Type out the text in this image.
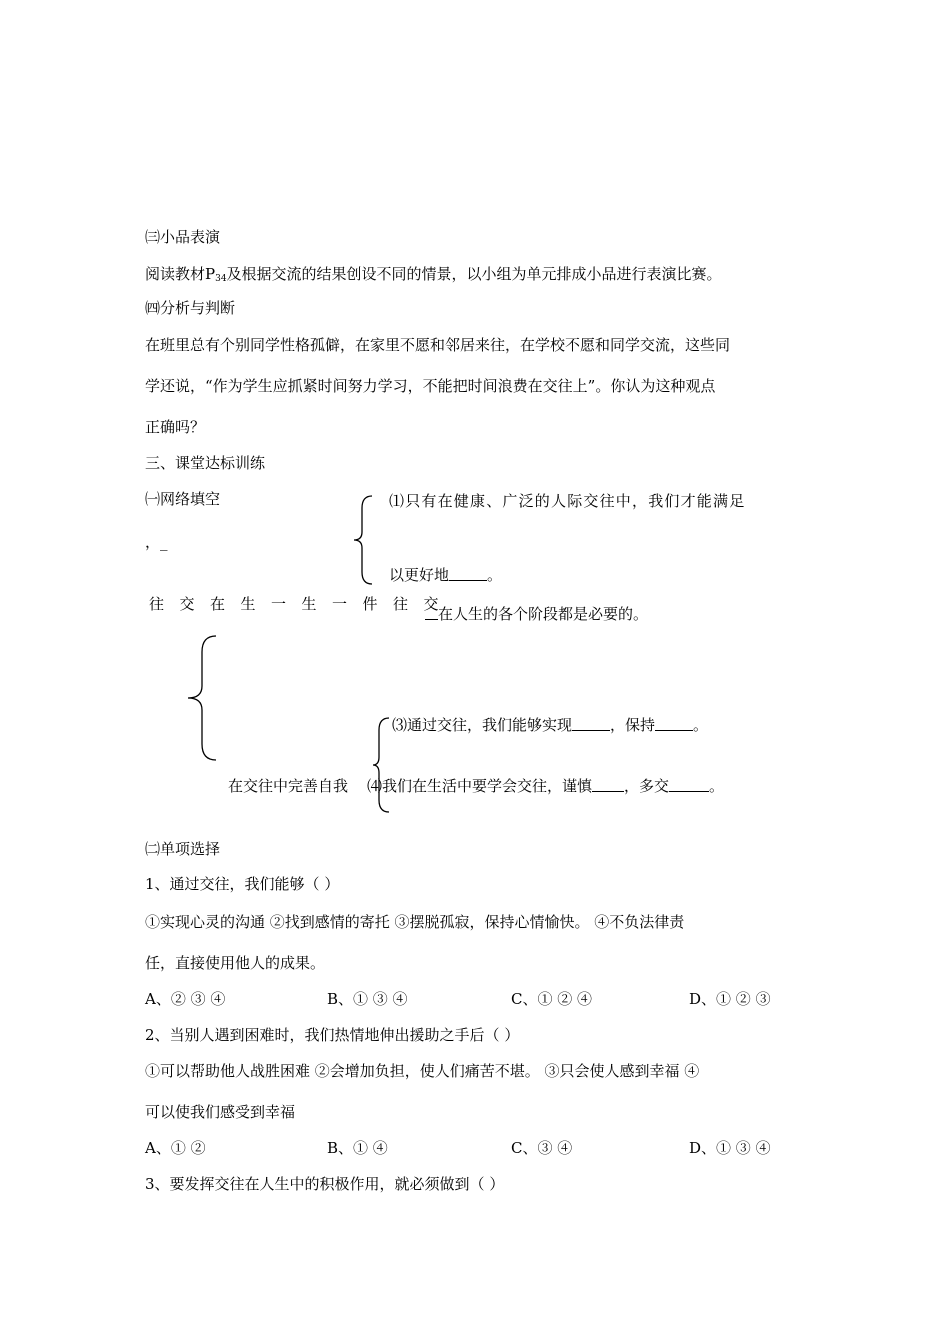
㈢小品表演
阅读教材$P_{34}$及根据交流的结果创设不同的情景，以小组为单元排成小品进行表演比赛。
㈣分析与判断
在班里总有个别同学性格孤僻，在家里不愿和邻居来往，在学校不愿和同学交流，这些同
学还说，“作为学生应抓紧时间努力学习，不能把时间浪费在交往上”。你认为这种观点
正确吗？
三、课堂达标训练
㈠网络填空
，_
⑴只有在健康、广泛的人际交往中，我们才能满足
以更好地	。
往交在生一生一件往交
在人生的各个阶段都是必要的。
⑶通过交往，我们能够实现	，保持	。
在交往中完善自我 ⑷我们在生活中要学会交往，谨慎 ，多交	。
㈡单项选择
1、通过交往，我们能够（ ）
①实现心灵的沟通 ②找到感情的寄托 ③摆脱孤寂，保持心情愉快。 ④不负法律责
任，直接使用他人的成果。
A、② ③ ④	B、① ③ ④	C、① ② ④	D、① ② ③
2、当别人遇到困难时，我们热情地伸出援助之手后（ ）
①可以帮助他人战胜困难 ②会增加负担，使人们痛苦不堪。 ③只会使人感到幸福 ④
可以使我们感受到幸福
A、① ②	B、① ④	C、③ ④	D、① ③ ④
3、要发挥交往在人生中的积极作用，就必须做到（ ）
